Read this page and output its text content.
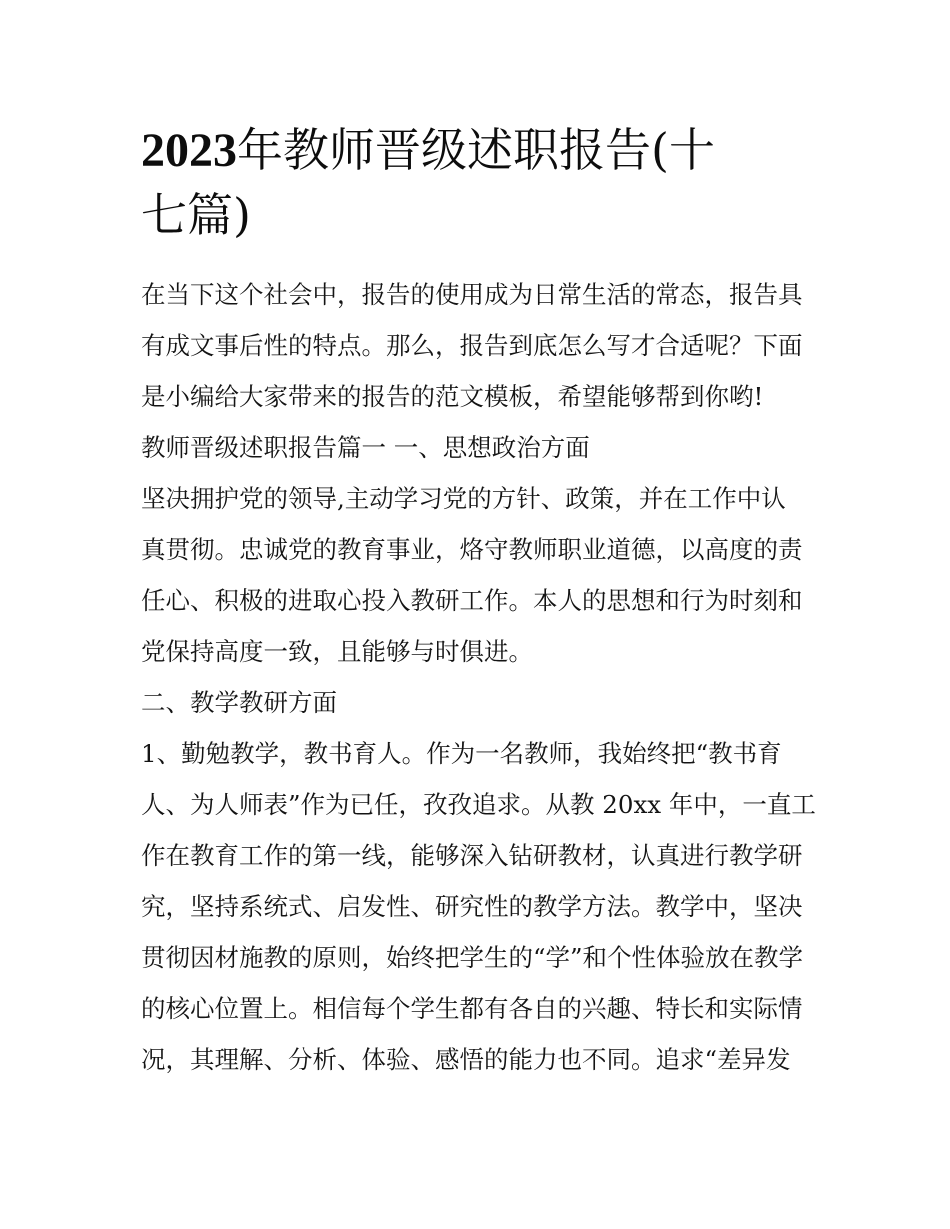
2023年教师晋级述职报告(十
七篇)
在当下这个社会中，报告的使用成为日常生活的常态，报告具
有成文事后性的特点。那么，报告到底怎么写才合适呢？下面
是小编给大家带来的报告的范文模板，希望能够帮到你哟!
教师晋级述职报告篇一 一、思想政治方面
坚决拥护党的领导,主动学习党的方针、政策，并在工作中认
真贯彻。忠诚党的教育事业，烙守教师职业道德，以高度的责
任心、积极的进取心投入教研工作。本人的思想和行为时刻和
党保持高度一致，且能够与时俱进。
二、教学教研方面
1、勤勉教学，教书育人。作为一名教师，我始终把“教书育
人、为人师表”作为已任，孜孜追求。从教 20xx 年中，一直工
作在教育工作的第一线，能够深入钻研教材，认真进行教学研
究，坚持系统式、启发性、研究性的教学方法。教学中，坚决
贯彻因材施教的原则，始终把学生的“学”和个性体验放在教学
的核心位置上。相信每个学生都有各自的兴趣、特长和实际情
况，其理解、分析、体验、感悟的能力也不同。追求“差异发
